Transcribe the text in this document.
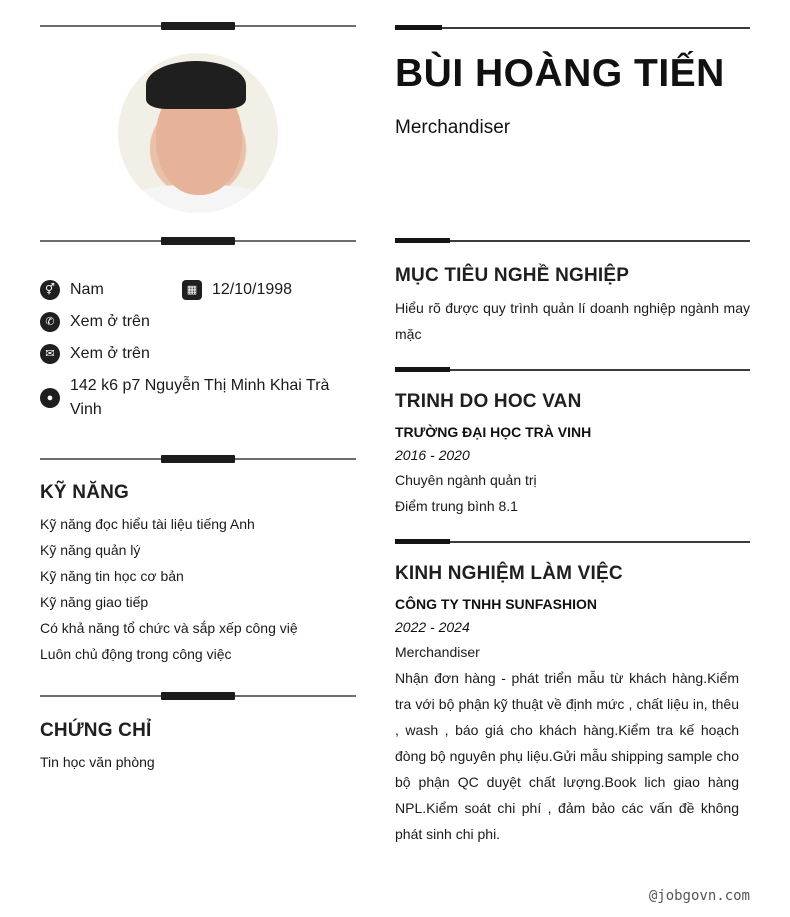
⚥ Nam	▦ 12/10/1998
✆ Xem ở trên
✉ Xem ở trên
●
142 k6 p7 Nguyễn Thị Minh Khai Trà Vinh
KỸ NĂNG
Kỹ năng đọc hiểu tài liệu tiếng Anh
Kỹ năng quản lý
Kỹ năng tin học cơ bản
Kỹ năng giao tiếp
Có khả năng tổ chức và sắp xếp công việ
Luôn chủ động trong công việc
CHỨNG CHỈ
Tin học văn phòng
BÙI HOÀNG TIẾN
Merchandiser
MỤC TIÊU NGHỀ NGHIỆP
Hiểu rõ được quy trình quản lí doanh nghiệp ngành may mặc
TRINH DO HOC VAN
TRƯỜNG ĐẠI HỌC TRÀ VINH
2016 - 2020
Chuyên ngành quản trị
Điểm trung bình 8.1
KINH NGHIỆM LÀM VIỆC
CÔNG TY TNHH SUNFASHION
2022 - 2024
Merchandiser
Nhận đơn hàng - phát triển mẫu từ khách hàng.Kiểm tra với bộ phận kỹ thuật về định mức , chất liệu in, thêu , wash , báo giá cho khách hàng.Kiểm tra kế hoạch đòng bộ nguyên phụ liệu.Gửi mẫu shipping sample cho bộ phận QC duyệt chất lượng.Book lich giao hàng NPL.Kiểm soát chi phí , đảm bảo các vấn đề không phát sinh chi phi.
@jobgovn.com
